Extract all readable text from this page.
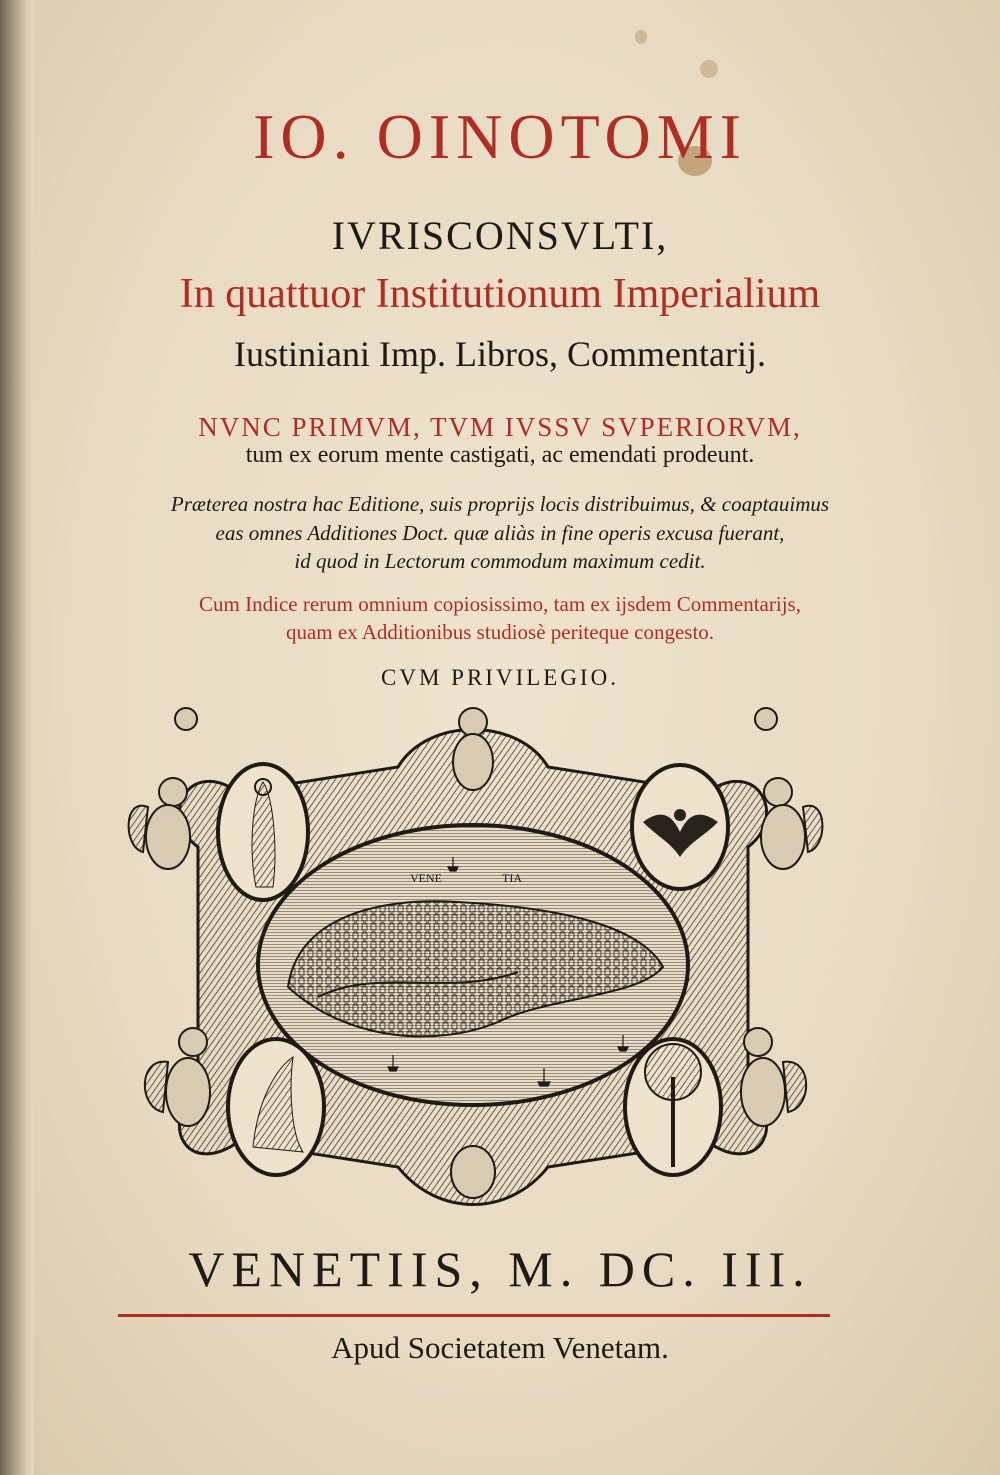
IO. OINOTOMI
IVRISCONSVLTI,
In quattuor Institutionum Imperialium
Iustiniani Imp. Libros, Commentarij.
NVNC PRIMVM, TVM IVSSV SVPERIORVM,
tum ex eorum mente castigati, ac emendati prodeunt.
Præterea nostra hac Editione, suis proprijs locis distribuimus, & coaptauimus
eas omnes Additiones Doct. quæ aliàs in fine operis excusa fuerant,
id quod in Lectorum commodum maximum cedit.
Cum Indice rerum omnium copiosissimo, tam ex ijsdem Commentarijs,
quam ex Additionibus studiosè periteque congesto.
CVM PRIVILEGIO.
VENE	TIA
VENETIIS, M. DC. III.
Apud Societatem Venetam.
